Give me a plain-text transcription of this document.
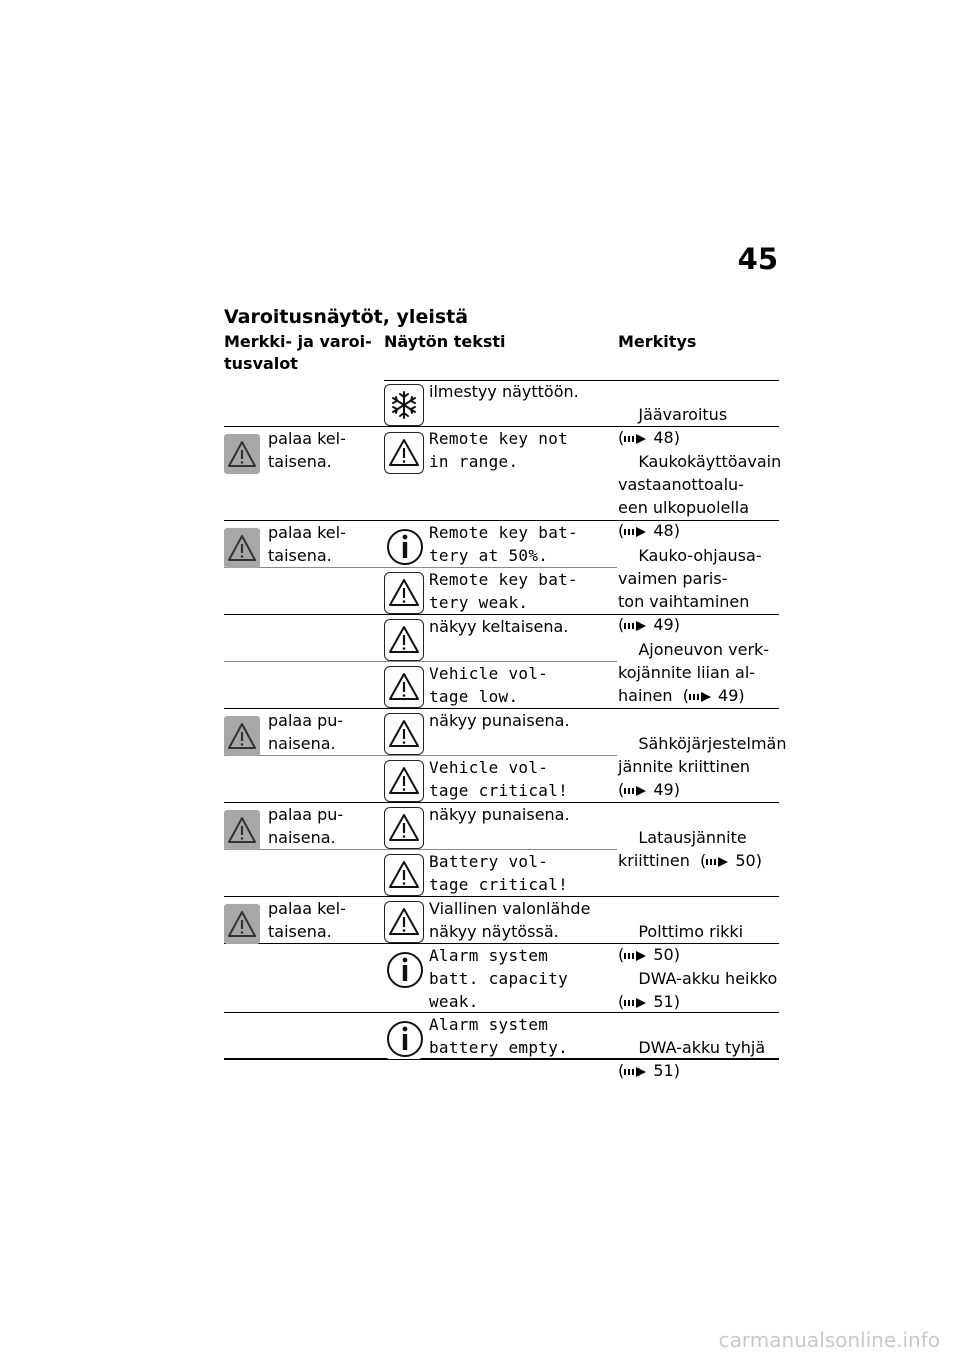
45
Varoitusnäytöt, yleistä
Merkki- ja varoi-
tusvalot
Näytön teksti	Merkitys
ilmestyy näyttöön.
palaa kel-
taisena.
Remote key not
in range.
palaa kel-
taisena.
Remote key bat-
tery at 50%.
Remote key bat-
tery weak.
näkyy keltaisena.
Vehicle vol-
tage low.
palaa pu-
naisena.
näkyy punaisena.
Vehicle vol-
tage critical!
palaa pu-
naisena.
näkyy punaisena.
Battery vol-
tage critical!
palaa kel-
taisena.
Viallinen valonlähde
näkyy näytössä.
Alarm system
batt. capacity
weak.
Alarm system
battery empty.

Jäävaroitus
( 48)

Kaukokäyttöavain
vastaanottoalu-
een ulkopuolella
( 48)

Kauko-ohjausa-
vaimen paris-
ton vaihtaminen
( 49)

Ajoneuvon verk-
kojännite liian al-
hainen ( 49)

Sähköjärjestelmän
jännite kriittinen
( 49)

Latausjännite
kriittinen ( 50)

Polttimo rikki
( 50)

DWA-akku heikko
( 51)

DWA-akku tyhjä
( 51)

carmanualsonline.info
